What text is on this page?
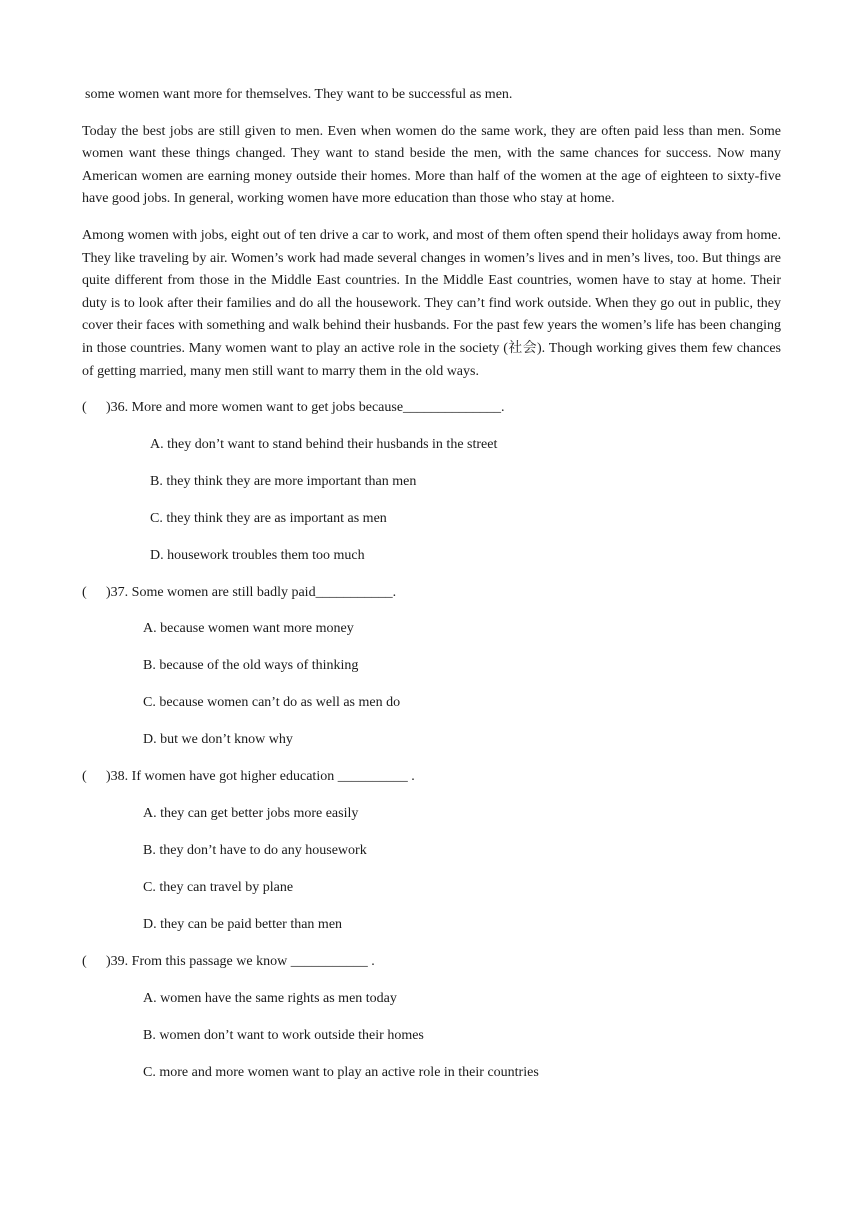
some women want more for themselves. They want to be successful as men.

Today the best jobs are still given to men. Even when women do the same work, they are often paid less than men. Some women want these things changed. They want to stand beside the men, with the same chances for success. Now many American women are earning money outside their homes. More than half of the women at the age of eighteen to sixty-five have good jobs. In general, working women have more education than those who stay at home.

Among women with jobs, eight out of ten drive a car to work, and most of them often spend their holidays away from home. They like traveling by air. Women’s work had made several changes in women’s lives and in men’s lives, too. But things are quite different from those in the Middle East countries. In the Middle East countries, women have to stay at home. Their duty is to look after their families and do all the housework. They can’t find work outside. When they go out in public, they cover their faces with something and walk behind their husbands. For the past few years the women’s life has been changing in those countries. Many women want to play an active role in the society (社会). Though working gives them few chances of getting married, many men still want to marry them in the old ways.

(	)36. More and more women want to get jobs because______________.
A. they don’t want to stand behind their husbands in the street
B. they think they are more important than men
C. they think they are as important as men
D. housework troubles them too much
(	)37. Some women are still badly paid___________.
A. because women want more money
B. because of the old ways of thinking
C. because women can’t do as well as men do
D. but we don’t know why
(	)38. If women have got higher education __________ .
A. they can get better jobs more easily
B. they don’t have to do any housework
C. they can travel by plane
D. they can be paid better than men
(	)39. From this passage we know ___________ .
A. women have the same rights as men today
B. women don’t want to work outside their homes
C. more and more women want to play an active role in their countries
